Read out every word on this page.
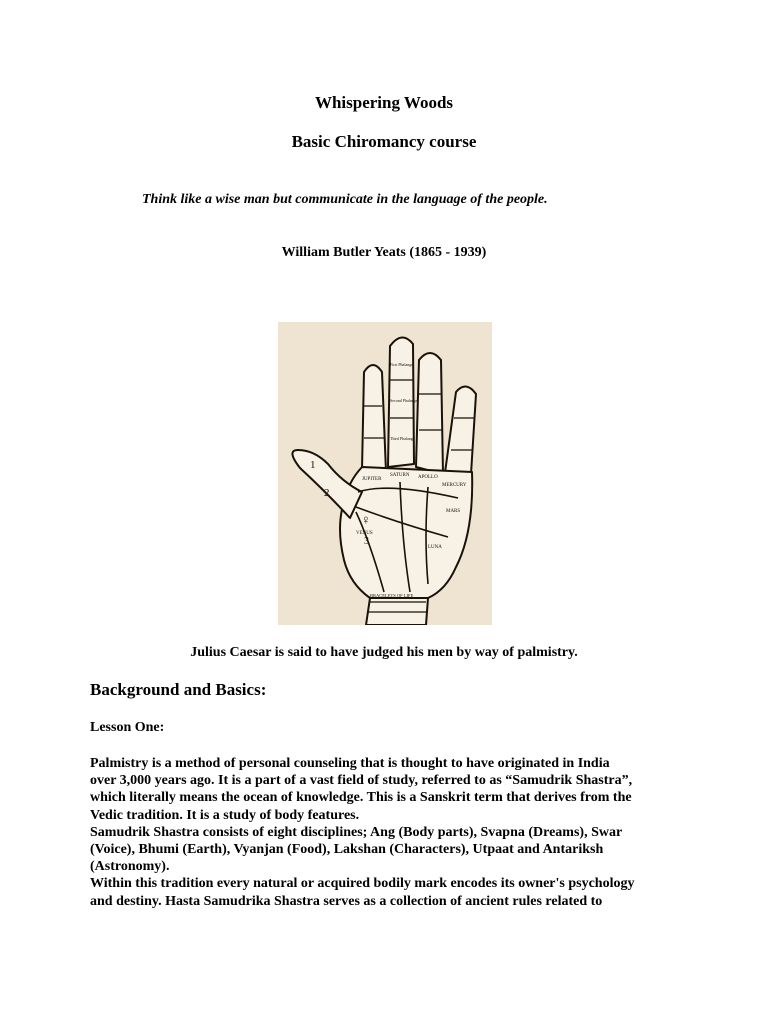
Whispering Woods
Basic Chiromancy course
Think like a wise man but communicate in the language of the people.
William Butler Yeats (1865 - 1939)
1
2
♀
VENUS
3
JUPITER
SATURN APOLLO
MERCURY
MARS
LUNA
BRACELETS OF LIFE
First Phalange
Second Phalange
Third Phalange
Julius Caesar is said to have judged his men by way of palmistry.
Background and Basics:
Lesson One:
Palmistry is a method of personal counseling that is thought to have originated in India
over 3,000 years ago. It is a part of a vast field of study, referred to as “Samudrik Shastra”,
which literally means the ocean of knowledge. This is a Sanskrit term that derives from the
Vedic tradition. It is a study of body features.
Samudrik Shastra consists of eight disciplines; Ang (Body parts), Svapna (Dreams), Swar
(Voice), Bhumi (Earth), Vyanjan (Food), Lakshan (Characters), Utpaat and Antariksh
(Astronomy).
Within this tradition every natural or acquired bodily mark encodes its owner's psychology
and destiny. Hasta Samudrika Shastra serves as a collection of ancient rules related to
